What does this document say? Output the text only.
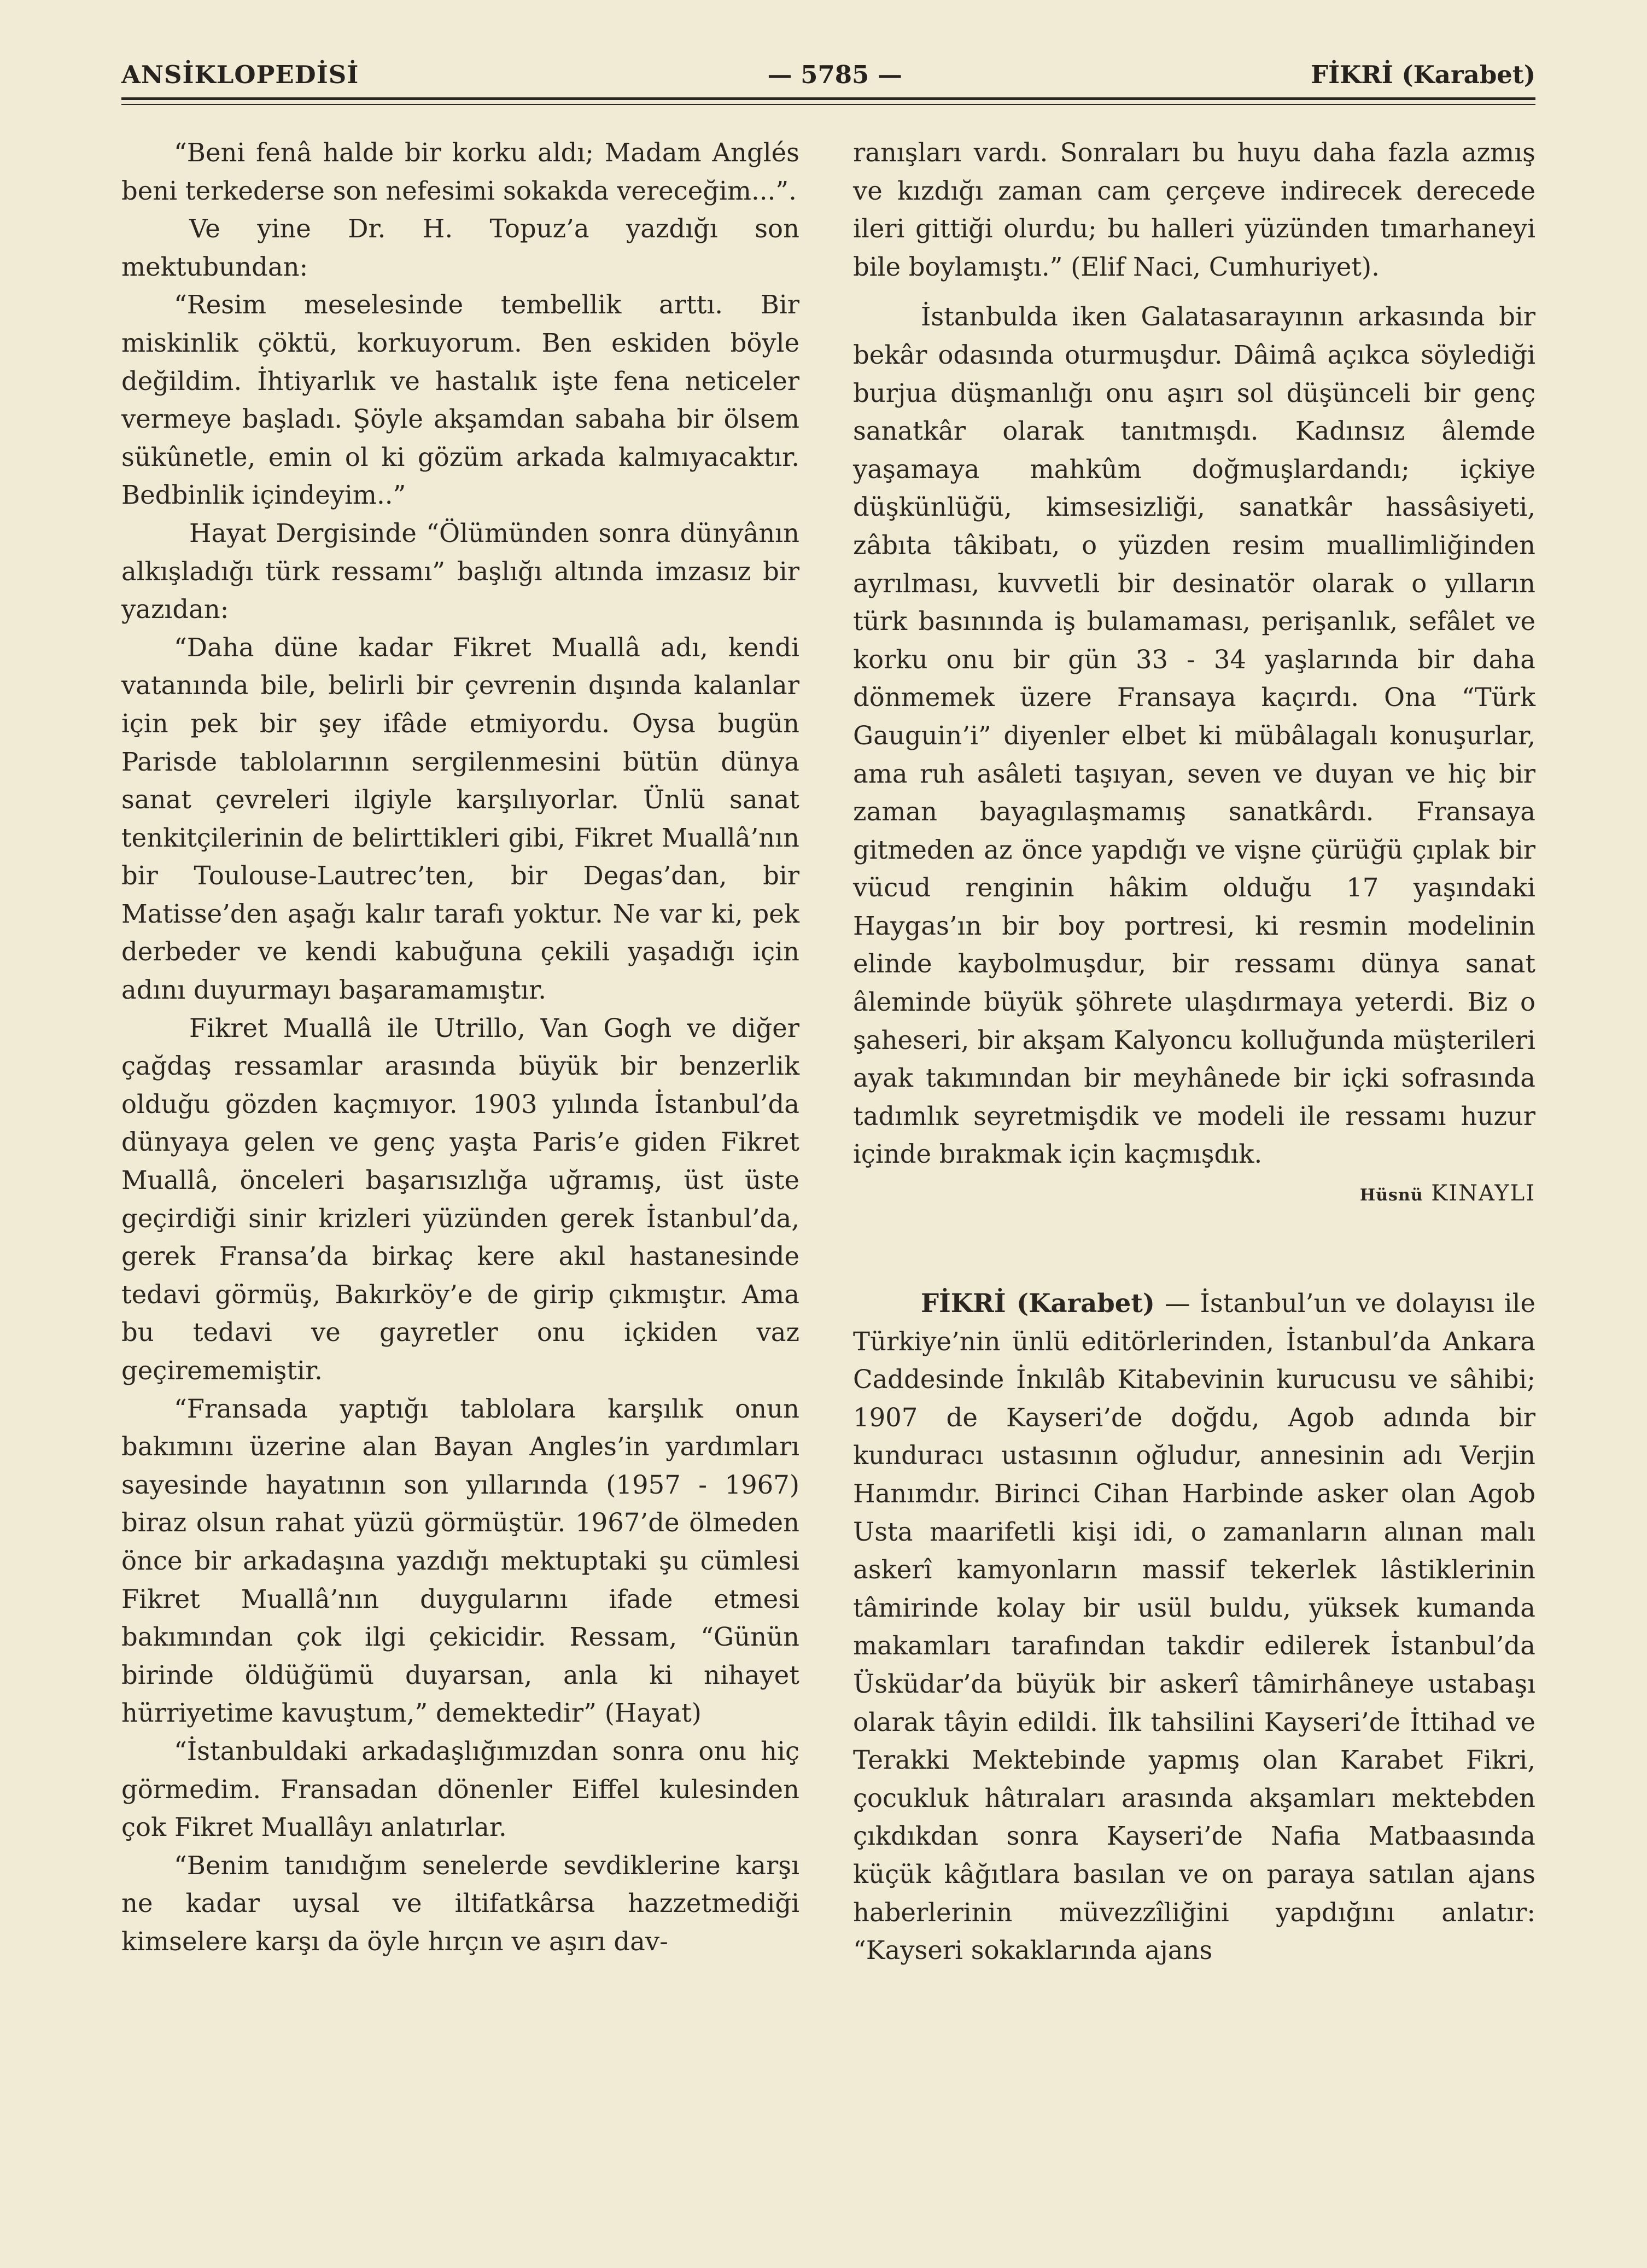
ANSİKLOPEDİSİ	— 5785 —	FİKRİ (Karabet)

“Beni fenâ halde bir korku aldı; Madam Anglés beni terkederse son nefesimi sokakda vereceğim...”.

Ve yine Dr. H. Topuz’a yazdığı son mektubundan:

“Resim meselesinde tembellik arttı. Bir miskinlik çöktü, korkuyorum. Ben eskiden böyle değildim. İhtiyarlık ve hastalık işte fena neticeler vermeye başladı. Şöyle akşamdan sabaha bir ölsem sükûnetle, emin ol ki gözüm arkada kalmıyacaktır. Bedbinlik içindeyim..”

Hayat Dergisinde “Ölümünden sonra dünyânın alkışladığı türk ressamı” başlığı altında imzasız bir yazıdan:

“Daha düne kadar Fikret Muallâ adı, kendi vatanında bile, belirli bir çevrenin dışında kalanlar için pek bir şey ifâde etmiyordu. Oysa bugün Parisde tablolarının sergilenmesini bütün dünya sanat çevreleri ilgiyle karşılıyorlar. Ünlü sanat tenkitçilerinin de belirttikleri gibi, Fikret Muallâ’nın bir Toulouse-Lautrec’ten, bir Degas’dan, bir Matisse’den aşağı kalır tarafı yoktur. Ne var ki, pek derbeder ve kendi kabuğuna çekili yaşadığı için adını duyurmayı başaramamıştır.

Fikret Muallâ ile Utrillo, Van Gogh ve diğer çağdaş ressamlar arasında büyük bir benzerlik olduğu gözden kaçmıyor. 1903 yılında İstanbul’da dünyaya gelen ve genç yaşta Paris’e giden Fikret Muallâ, önceleri başarısızlığa uğramış, üst üste geçirdiği sinir krizleri yüzünden gerek İstanbul’da, gerek Fransa’da birkaç kere akıl hastanesinde tedavi görmüş, Bakırköy’e de girip çıkmıştır. Ama bu tedavi ve gayretler onu içkiden vaz geçirememiştir.

“Fransada yaptığı tablolara karşılık onun bakımını üzerine alan Bayan Angles’in yardımları sayesinde hayatının son yıllarında (1957 - 1967) biraz olsun rahat yüzü görmüştür. 1967’de ölmeden önce bir arkadaşına yazdığı mektuptaki şu cümlesi Fikret Muallâ’nın duygularını ifade etmesi bakımından çok ilgi çekicidir. Ressam, “Günün birinde öldüğümü duyarsan, anla ki nihayet hürriyetime kavuştum,” demektedir” (Hayat)

“İstanbuldaki arkadaşlığımızdan sonra onu hiç görmedim. Fransadan dönenler Eiffel kulesinden çok Fikret Muallâyı anlatırlar.

“Benim tanıdığım senelerde sevdiklerine karşı ne kadar uysal ve iltifatkârsa hazzetmediği kimselere karşı da öyle hırçın ve aşırı dav-

ranışları vardı. Sonraları bu huyu daha fazla azmış ve kızdığı zaman cam çerçeve indirecek derecede ileri gittiği olurdu; bu halleri yüzünden tımarhaneyi bile boylamıştı.” (Elif Naci, Cumhuriyet).

İstanbulda iken Galatasarayının arkasında bir bekâr odasında oturmuşdur. Dâimâ açıkca söylediği burjua düşmanlığı onu aşırı sol düşünceli bir genç sanatkâr olarak tanıtmışdı. Kadınsız âlemde yaşamaya mahkûm doğmuşlardandı; içkiye düşkünlüğü, kimsesizliği, sanatkâr hassâsiyeti, zâbıta tâkibatı, o yüzden resim muallimliğinden ayrılması, kuvvetli bir desinatör olarak o yılların türk basınında iş bulamaması, perişanlık, sefâlet ve korku onu bir gün 33 - 34 yaşlarında bir daha dönmemek üzere Fransaya kaçırdı. Ona “Türk Gauguin’i” diyenler elbet ki mübâlagalı konuşurlar, ama ruh asâleti taşıyan, seven ve duyan ve hiç bir zaman bayagılaşmamış sanatkârdı. Fransaya gitmeden az önce yapdığı ve vişne çürüğü çıplak bir vücud renginin hâkim olduğu 17 yaşındaki Haygas’ın bir boy portresi, ki resmin modelinin elinde kaybolmuşdur, bir ressamı dünya sanat âleminde büyük şöhrete ulaşdırmaya yeterdi. Biz o şaheseri, bir akşam Kalyoncu kolluğunda müşterileri ayak takımından bir meyhânede bir içki sofrasında tadımlık seyretmişdik ve modeli ile ressamı huzur içinde bırakmak için kaçmışdık.

Hüsnü KINAYLI

FİKRİ (Karabet) — İstanbul’un ve dolayısı ile Türkiye’nin ünlü editörlerinden, İstanbul’da Ankara Caddesinde İnkılâb Kitabevinin kurucusu ve sâhibi; 1907 de Kayseri’de doğdu, Agob adında bir kunduracı ustasının oğludur, annesinin adı Verjin Hanımdır. Birinci Cihan Harbinde asker olan Agob Usta maarifetli kişi idi, o zamanların alınan malı askerî kamyonların massif tekerlek lâstiklerinin tâmirinde kolay bir usül buldu, yüksek kumanda makamları tarafından takdir edilerek İstanbul’da Üsküdar’da büyük bir askerî tâmirhâneye ustabaşı olarak tâyin edildi. İlk tahsilini Kayseri’de İttihad ve Terakki Mektebinde yapmış olan Karabet Fikri, çocukluk hâtıraları arasında akşamları mektebden çıkdıkdan sonra Kayseri’de Nafia Matbaasında küçük kâğıtlara basılan ve on paraya satılan ajans haberlerinin müvezzîliğini yapdığını anlatır: “Kayseri sokaklarında ajans
